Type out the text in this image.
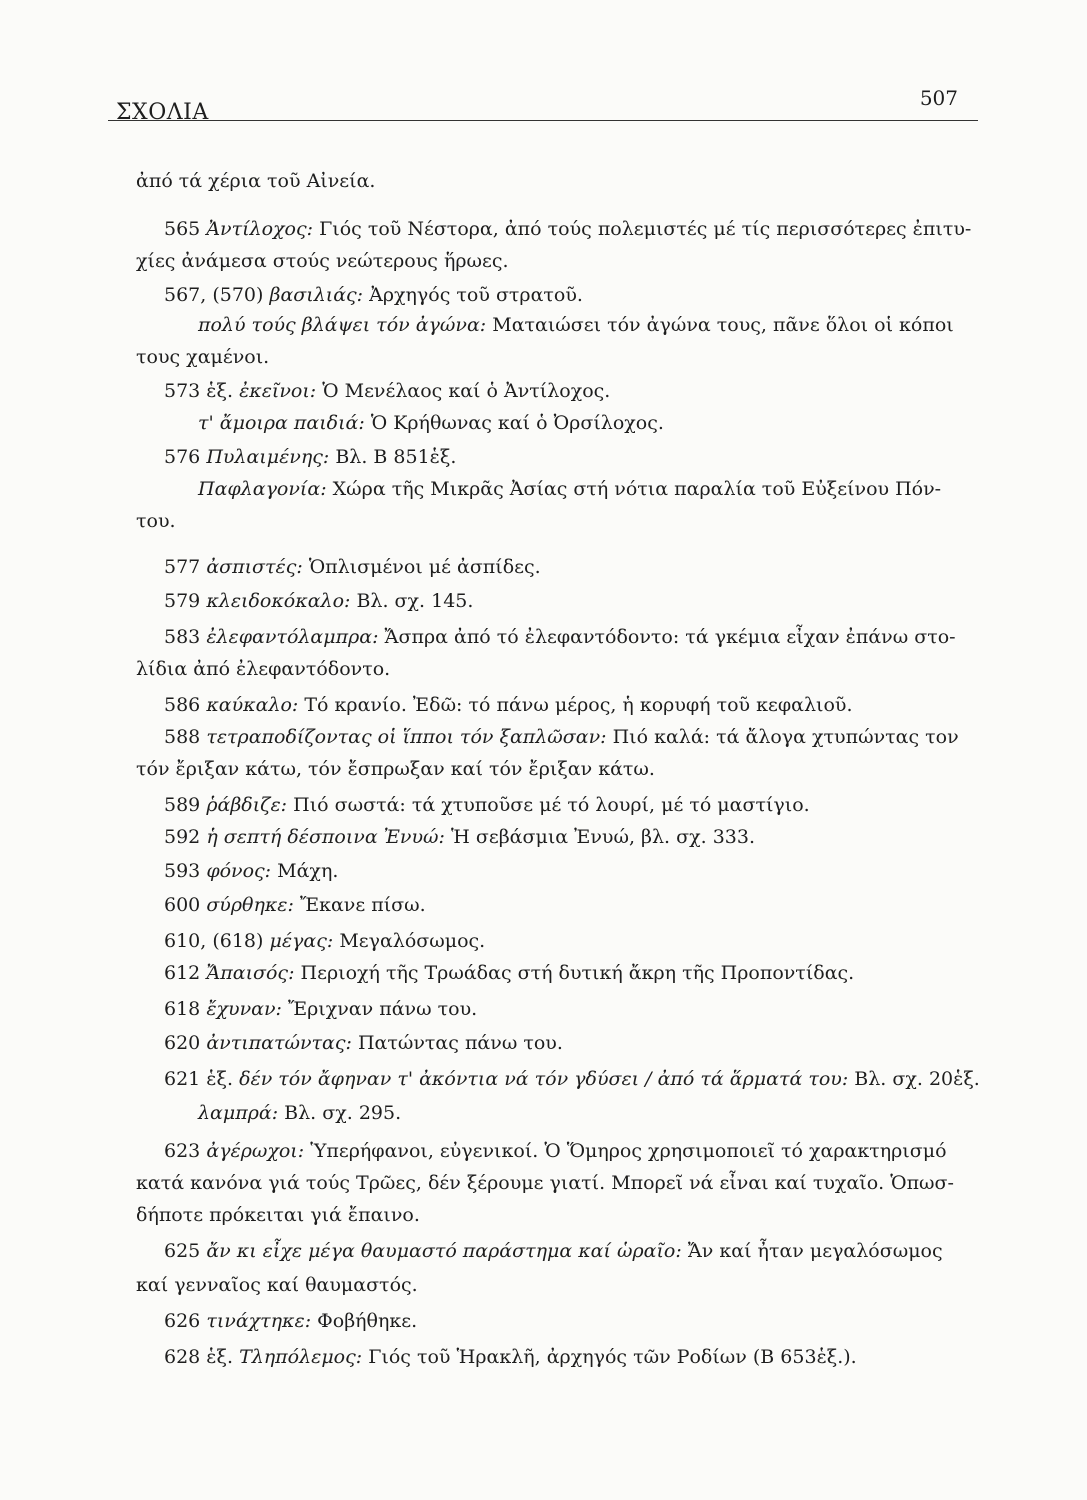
ΣΧΟΛΙΑ
507
ἀπό τά χέρια τοῦ Αἰνεία.
565 Ἀντίλοχος: Γιός τοῦ Νέστορα, ἀπό τούς πολεμιστές μέ τίς περισσότερες ἐπιτυ-
χίες ἀνάμεσα στούς νεώτερους ἥρωες.
567, (570) βασιλιάς: Ἀρχηγός τοῦ στρατοῦ.
πολύ τούς βλάψει τόν ἀγώνα: Ματαιώσει τόν ἀγώνα τους, πᾶνε ὅλοι οἱ κόποι
τους χαμένοι.
573 ἑξ. ἐκεῖνοι: Ὁ Μενέλαος καί ὁ Ἀντίλοχος.
τ' ἄμοιρα παιδιά: Ὁ Κρήθωνας καί ὁ Ὀρσίλοχος.
576 Πυλαιμένης: Βλ. Β 851ἑξ.
Παφλαγονία: Χώρα τῆς Μικρᾶς Ἀσίας στή νότια παραλία τοῦ Εὐξείνου Πόν-
του.
577 ἀσπιστές: Ὁπλισμένοι μέ ἀσπίδες.
579 κλειδοκόκαλο: Βλ. σχ. 145.
583 ἐλεφαντόλαμπρα: Ἄσπρα ἀπό τό ἐλεφαντόδοντο: τά γκέμια εἶχαν ἐπάνω στο-
λίδια ἀπό ἐλεφαντόδοντο.
586 καύκαλο: Τό κρανίο. Ἐδῶ: τό πάνω μέρος, ἡ κορυφή τοῦ κεφαλιοῦ.
588 τετραποδίζοντας οἱ ἵπποι τόν ξαπλῶσαν: Πιό καλά: τά ἄλογα χτυπώντας τον
τόν ἔριξαν κάτω, τόν ἔσπρωξαν καί τόν ἔριξαν κάτω.
589 ῥάβδιζε: Πιό σωστά: τά χτυποῦσε μέ τό λουρί, μέ τό μαστίγιο.
592 ἡ σεπτή δέσποινα Ἐνυώ: Ἡ σεβάσμια Ἐνυώ, βλ. σχ. 333.
593 φόνος: Μάχη.
600 σύρθηκε: Ἔκανε πίσω.
610, (618) μέγας: Μεγαλόσωμος.
612 Ἄπαισός: Περιοχή τῆς Τρωάδας στή δυτική ἄκρη τῆς Προποντίδας.
618 ἔχυναν: Ἔριχναν πάνω του.
620 ἀντιπατώντας: Πατώντας πάνω του.
621 ἑξ. δέν τόν ἄφηναν τ' ἀκόντια νά τόν γδύσει / ἀπό τά ἅρματά του: Βλ. σχ. 20ἑξ.
λαμπρά: Βλ. σχ. 295.
623 ἀγέρωχοι: Ὑπερήφανοι, εὐγενικοί. Ὁ Ὅμηρος χρησιμοποιεῖ τό χαρακτηρισμό
κατά κανόνα γιά τούς Τρῶες, δέν ξέρουμε γιατί. Μπορεῖ νά εἶναι καί τυχαῖο. Ὁπωσ-
δήποτε πρόκειται γιά ἔπαινο.
625 ἄν κι εἶχε μέγα θαυμαστό παράστημα καί ὡραῖο: Ἄν καί ἦταν μεγαλόσωμος
καί γενναῖος καί θαυμαστός.
626 τινάχτηκε: Φοβήθηκε.
628 ἑξ. Τληπόλεμος: Γιός τοῦ Ἡρακλῆ, ἀρχηγός τῶν Ροδίων (Β 653ἑξ.).
